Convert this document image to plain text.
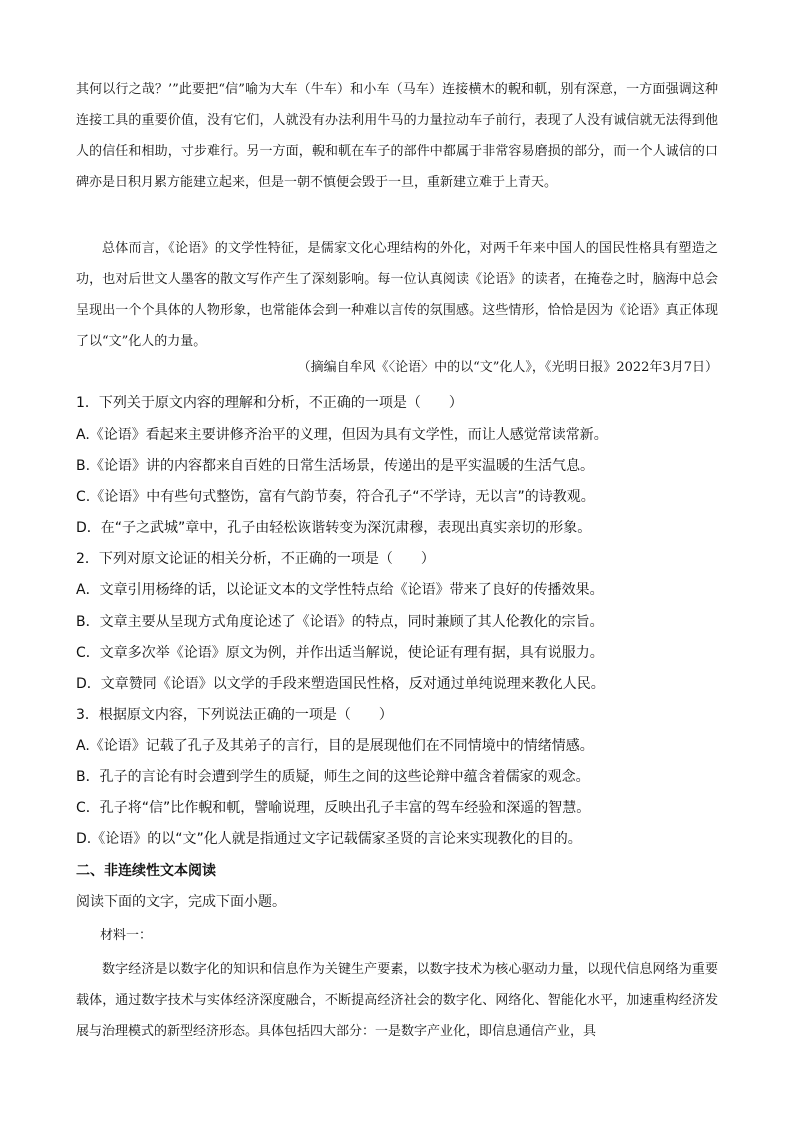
其何以行之哉？’”此要把“信”喻为大车（牛车）和小车（马车）连接横木的輗和軏，别有深意，一方面强调这种连接工具的重要价值，没有它们，人就没有办法利用牛马的力量拉动车子前行，表现了人没有诚信就无法得到他人的信任和相助，寸步难行。另一方面，輗和軏在车子的部件中都属于非常容易磨损的部分，而一个人诚信的口碑亦是日积月累方能建立起来，但是一朝不慎便会毁于一旦，重新建立难于上青天。
总体而言，《论语》的文学性特征，是儒家文化心理结构的外化，对两千年来中国人的国民性格具有塑造之功，也对后世文人墨客的散文写作产生了深刻影响。每一位认真阅读《论语》的读者，在掩卷之时，脑海中总会呈现出一个个具体的人物形象，也常能体会到一种难以言传的氛围感。这些情形，恰恰是因为《论语》真正体现了以“文”化人的力量。
（摘编自牟风《〈论语〉中的以“文”化人》，《光明日报》2022年3月7日）
1．下列关于原文内容的理解和分析，不正确的一项是（　　）
A.《论语》看起来主要讲修齐治平的义理，但因为具有文学性，而让人感觉常读常新。
B.《论语》讲的内容都来自百姓的日常生活场景，传递出的是平实温暖的生活气息。
C.《论语》中有些句式整饬，富有气韵节奏，符合孔子“不学诗，无以言”的诗教观。
D．在“子之武城”章中，孔子由轻松诙谐转变为深沉肃穆，表现出真实亲切的形象。
2．下列对原文论证的相关分析，不正确的一项是（　　）
A．文章引用杨绛的话，以论证文本的文学性特点给《论语》带来了良好的传播效果。
B．文章主要从呈现方式角度论述了《论语》的特点，同时兼顾了其人伦教化的宗旨。
C．文章多次举《论语》原文为例，并作出适当解说，使论证有理有据，具有说服力。
D．文章赞同《论语》以文学的手段来塑造国民性格，反对通过单纯说理来教化人民。
3．根据原文内容，下列说法正确的一项是（　　）
A.《论语》记载了孔子及其弟子的言行，目的是展现他们在不同情境中的情绪情感。
B．孔子的言论有时会遭到学生的质疑，师生之间的这些论辩中蕴含着儒家的观念。
C．孔子将“信”比作輗和軏，譬喻说理，反映出孔子丰富的驾车经验和深遥的智慧。
D.《论语》的以“文”化人就是指通过文字记载儒家圣贤的言论来实现教化的目的。
二、非连续性文本阅读
阅读下面的文字，完成下面小题。
材料一：
数字经济是以数字化的知识和信息作为关键生产要素，以数字技术为核心驱动力量，以现代信息网络为重要载体，通过数字技术与实体经济深度融合，不断提高经济社会的数字化、网络化、智能化水平，加速重构经济发展与治理模式的新型经济形态。具体包括四大部分：一是数字产业化，即信息通信产业，具
